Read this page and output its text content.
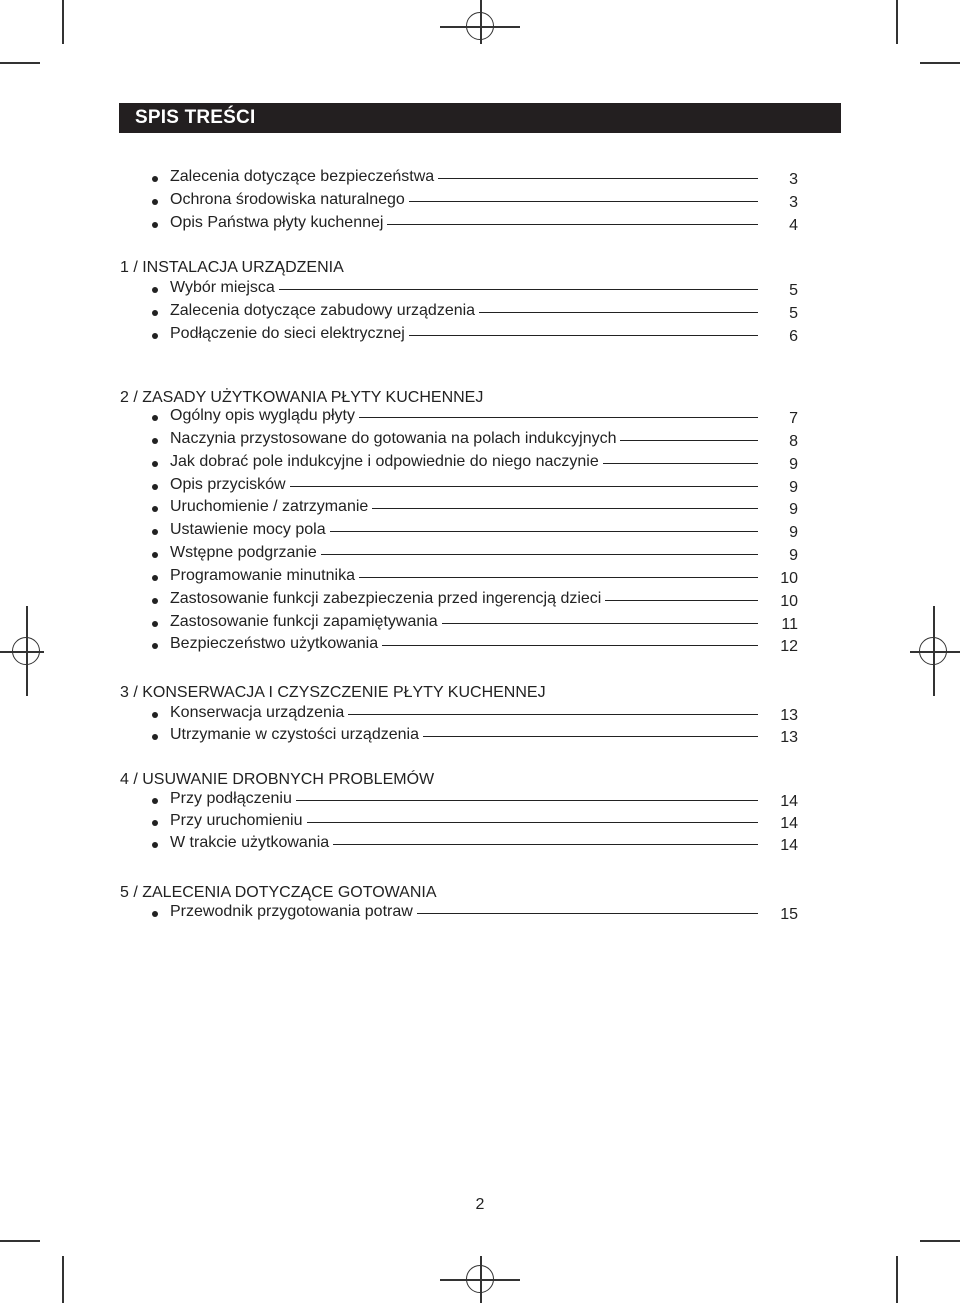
SPIS TREŚCI
Zalecenia dotyczące bezpieczeństwa	3
Ochrona środowiska naturalnego	3
Opis Państwa płyty kuchennej	4
1 / INSTALACJA URZĄDZENIA
Wybór miejsca	5
Zalecenia dotyczące zabudowy urządzenia	5
Podłączenie do sieci elektrycznej	6
2 / ZASADY UŻYTKOWANIA PŁYTY KUCHENNEJ
Ogólny opis wyglądu płyty	7
Naczynia przystosowane do gotowania na polach indukcyjnych	8
Jak dobrać pole indukcyjne i odpowiednie do niego naczynie	9
Opis przycisków	9
Uruchomienie / zatrzymanie	9
Ustawienie mocy pola	9
Wstępne podgrzanie	9
Programowanie minutnika	10
Zastosowanie funkcji zabezpieczenia przed ingerencją dzieci	10
Zastosowanie funkcji zapamiętywania	11
Bezpieczeństwo użytkowania	12
3 / KONSERWACJA I CZYSZCZENIE PŁYTY KUCHENNEJ
Konserwacja urządzenia	13
Utrzymanie w czystości urządzenia	13
4 / USUWANIE DROBNYCH PROBLEMÓW
Przy podłączeniu	14
Przy uruchomieniu	14
W trakcie użytkowania	14
5 / ZALECENIA DOTYCZĄCE GOTOWANIA
Przewodnik przygotowania potraw	15
2
